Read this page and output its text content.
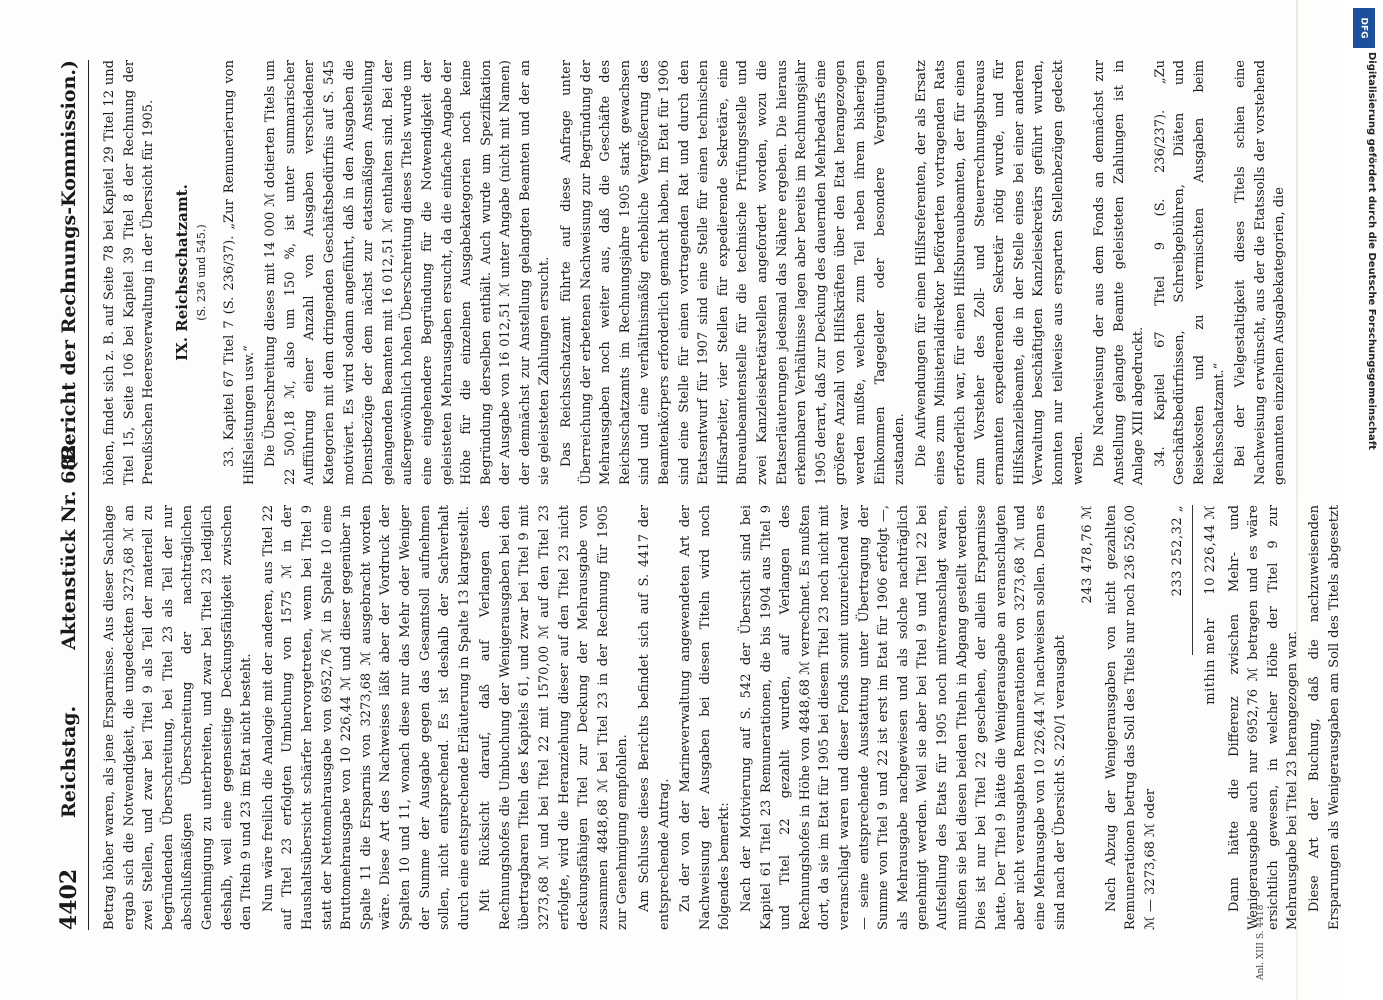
4402
Reichstag.
Aktenstück Nr. 682.
(Bericht der Rechnungs-Kommission.)

Betrag höher waren, als jene Ersparnisse. Aus dieser Sachlage ergab sich die Notwendigkeit, die ungedeckten 3273,68 ℳ an zwei Stellen, und zwar bei Titel 9 als Teil der materiell zu begründenden Überschreitung, bei Titel 23 als Teil der nur abschlußmäßigen Überschreitung der nachträglichen Genehmigung zu unterbreiten, und zwar bei Titel 23 lediglich deshalb, weil eine gegenseitige Deckungsfähigkeit zwischen den Titeln 9 und 23 im Etat nicht besteht. Nun wäre freilich die Analogie mit der anderen, aus Titel 22 auf Titel 23 erfolgten Umbuchung von 1575 ℳ in der Haushaltsübersicht schärfer hervorgetreten, wenn bei Titel 9 statt der Nettomehrausgabe von 6952,76 ℳ in Spalte 10 eine Bruttomehrausgabe von 10 226,44 ℳ und dieser gegenüber in Spalte 11 die Ersparnis von 3273,68 ℳ ausgebracht worden wäre. Diese Art des Nachweises läßt aber der Vordruck der Spalten 10 und 11, wonach diese nur das Mehr oder Weniger der Summe der Ausgabe gegen das Gesamtsoll aufnehmen sollen, nicht entsprechend. Es ist deshalb der Sachverhalt durch eine entsprechende Erläuterung in Spalte 13 klargestellt. Mit Rücksicht darauf, daß auf Verlangen des Rechnungshofes die Umbuchung der Wenigerausgaben bei den übertragbaren Titeln des Kapitels 61, und zwar bei Titel 9 mit 3273,68 ℳ und bei Titel 22 mit 1570,00 ℳ auf den Titel 23 erfolgte, wird die Heranziehung dieser auf den Titel 23 nicht deckungsfähigen Titel zur Deckung der Mehrausgabe von zusammen 4848,68 ℳ bei Titel 23 in der Rechnung für 1905 zur Genehmigung empfohlen. Am Schlusse dieses Berichts befindet sich auf S. 4417 der entsprechende Antrag. Zu der von der Marineverwaltung angewendeten Art der Nachweisung der Ausgaben bei diesen Titeln wird noch folgendes bemerkt: Nach der Motivierung auf S. 542 der Übersicht sind bei Kapitel 61 Titel 23 Remunerationen, die bis 1904 aus Titel 9 und Titel 22 gezahlt wurden, auf Verlangen des Rechnungshofes in Höhe von 4848,68 ℳ verrechnet. Es mußten dort, da sie im Etat für 1905 bei diesem Titel 23 noch nicht mit veranschlagt waren und dieser Fonds somit unzureichend war — seine entsprechende Ausstattung unter Übertragung der Summe von Titel 9 und 22 ist erst im Etat für 1906 erfolgt —, als Mehrausgabe nachgewiesen und als solche nachträglich genehmigt werden. Weil sie aber bei Titel 9 und Titel 22 bei Aufstellung des Etats für 1905 noch mitveranschlagt waren, mußten sie bei diesen beiden Titeln in Abgang gestellt werden. Dies ist nur bei Titel 22 geschehen, der allein Ersparnisse hatte. Der Titel 9 hätte die Wenigerausgabe an veranschlagten aber nicht verausgabten Remunerationen von 3273,68 ℳ und eine Mehrausgabe von 10 226,44 ℳ nachweisen sollen. Denn es sind nach der Übersicht S. 220/1 verausgabt

243 478,76 ℳ Nach Abzug der Wenigerausgaben von nicht gezahlten Remunerationen betrug das Soll des Titels nur noch 236 526,00 ℳ — 3273,68 ℳ oder

233 252,32 „
mithin mehr     10 226,44 ℳ Dann hätte die Differenz zwischen Mehr- und Wenigerausgabe auch nur 6952,76 ℳ betragen und es wäre ersichtlich gewesen, in welcher Höhe der Titel 9 zur Mehrausgabe bei Titel 23 herangezogen war. Diese Art der Buchung, daß die nachzuweisenden Ersparungen als Wenigerausgaben am Soll des Titels abgesetzt

höhen, findet sich z. B. auf Seite 78 bei Kapitel 29 Titel 12 und Titel 15, Seite 106 bei Kapitel 39 Titel 8 der Rechnung der Preußischen Heeresverwaltung in der Übersicht für 1905. IX. Reichsschatzamt. (S. 236 und 545.) 33. Kapitel 67 Titel 7 (S. 236/37). „Zur Remunerierung von Hilfsleistungen usw.“ Die Überschreitung dieses mit 14 000 ℳ dotierten Titels um 22 500,18 ℳ, also um 150 %, ist unter summarischer Aufführung einer Anzahl von Ausgaben verschiedener Kategorien mit dem dringenden Geschäftsbedürfnis auf S. 545 motiviert. Es wird sodann angeführt, daß in den Ausgaben die Dienstbezüge der dem nächst zur etatsmäßigen Anstellung gelangenden Beamten mit 16 012,51 ℳ enthalten sind. Bei der außergewöhnlich hohen Überschreitung dieses Titels wurde um eine eingehendere Begründung für die Notwendigkeit der geleisteten Mehrausgaben ersucht, da die einfache Angabe der Höhe für die einzelnen Ausgabekategorien noch keine Begründung derselben enthält. Auch wurde um Spezifikation der Ausgabe von 16 012,51 ℳ unter Angabe (nicht mit Namen) der demnächst zur Anstellung gelangten Beamten und der an sie geleisteten Zahlungen ersucht. Das Reichsschatzamt führte auf diese Anfrage unter Überreichung der erbetenen Nachweisung zur Begründung der Mehrausgaben noch weiter aus, daß die Geschäfte des Reichsschatzamts im Rechnungsjahre 1905 stark gewachsen sind und eine verhältnismäßig erhebliche Vergrößerung des Beamtenkörpers erforderlich gemacht haben. Im Etat für 1906 sind eine Stelle für einen vortragenden Rat und durch den Etatsentwurf für 1907 sind eine Stelle für einen technischen Hilfsarbeiter, vier Stellen für expedierende Sekretäre, eine Bureaubeamtenstelle für die technische Prüfungsstelle und zwei Kanzleisekretärstellen angefordert worden, wozu die Etatserläuterungen jedesmal das Nähere ergeben. Die hieraus erkennbaren Verhältnisse lagen aber bereits im Rechnungsjahr 1905 derart, daß zur Deckung des dauernden Mehrbedarfs eine größere Anzahl von Hilfskräften über den Etat herangezogen werden mußte, welchen zum Teil neben ihrem bisherigen Einkommen Tagegelder oder besondere Vergütungen zustanden. Die Aufwendungen für einen Hilfsreferenten, der als Ersatz eines zum Ministerialdirektor beförderten vortragenden Rats erforderlich war, für einen Hilfsbureaubeamten, der für einen zum Vorsteher des Zoll- und Steuerrechnungsbureaus ernannten expedierenden Sekretär nötig wurde, und für Hilfskanzleibeamte, die in der Stelle eines bei einer anderen Verwaltung beschäftigten Kanzleisekretärs geführt wurden, konnten nur teilweise aus ersparten Stellenbezügen gedeckt werden. Die Nachweisung der aus dem Fonds an demnächst zur Anstellung gelangte Beamte geleisteten Zahlungen ist in Anlage XIII abgedruckt. 34. Kapitel 67 Titel 9 (S. 236/237). „Zu Geschäftsbedürfnissen, Schreibgebühren, Diäten und Reisekosten und zu vermischten Ausgaben beim Reichsschatzamt.“ Bei der Vielgestaltigkeit dieses Titels schien eine Nachweisung erwünscht, aus der die Etatssolls der vorstehend genannten einzelnen Ausgabekategorien, die

Anl. XIII S. 4418
DFG
Digitalisierung gefördert durch die Deutsche Forschungsgemeinschaft
